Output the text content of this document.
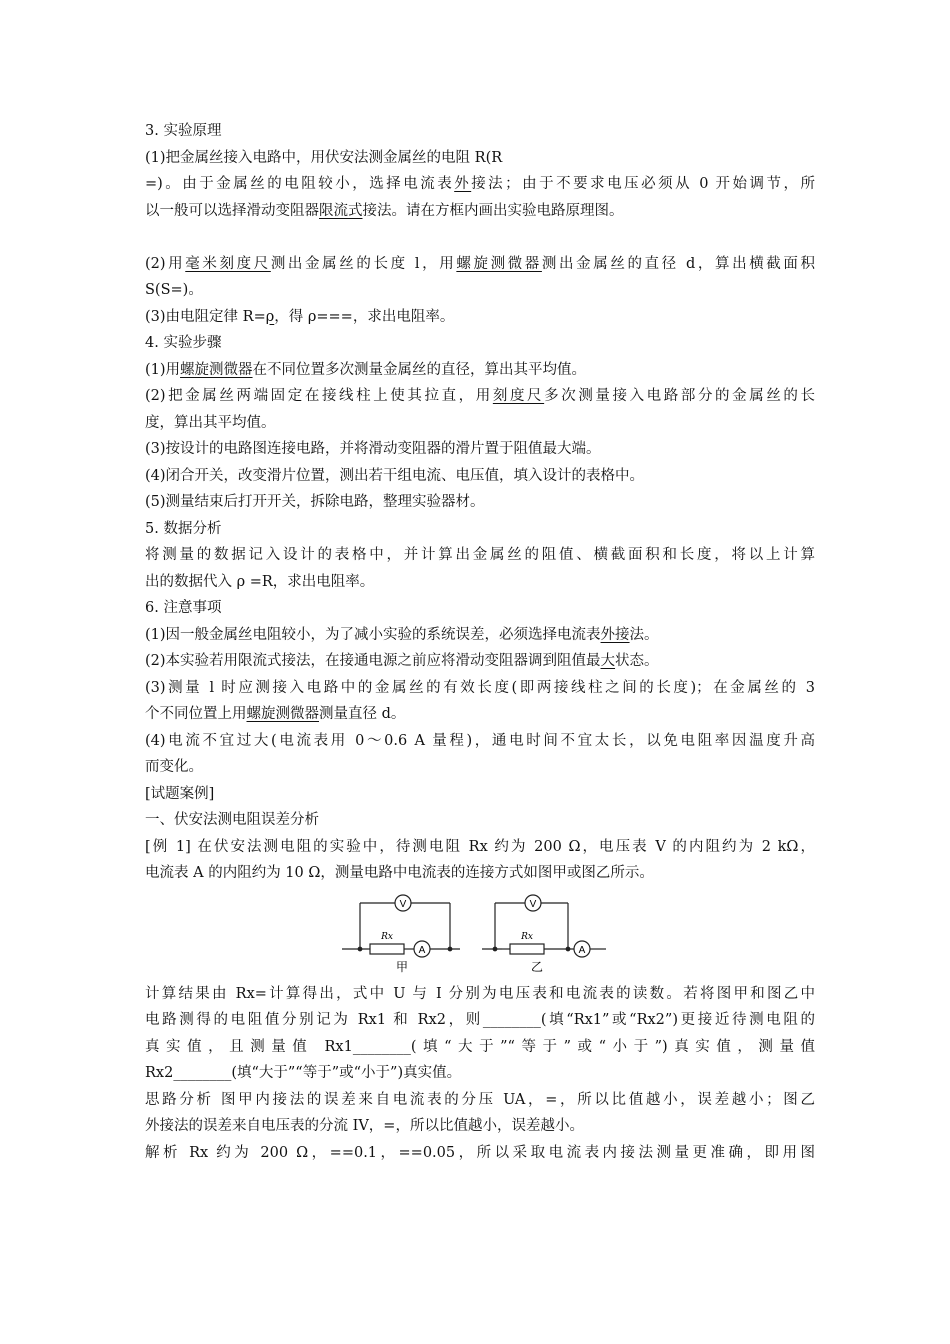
3. 实验原理
(1)把金属丝接入电路中，用伏安法测金属丝的电阻 R(R
=)。由于金属丝的电阻较小，选择电流表外接法；由于不要求电压必须从 0 开始调节，所
以一般可以选择滑动变阻器限流式接法。请在方框内画出实验电路原理图。
(2)用毫米刻度尺测出金属丝的长度 l，用螺旋测微器测出金属丝的直径 d，算出横截面积
S(S=)。
(3)由电阻定律 R=ρ，得 ρ===，求出电阻率。
4. 实验步骤
(1)用螺旋测微器在不同位置多次测量金属丝的直径，算出其平均值。
(2)把金属丝两端固定在接线柱上使其拉直，用刻度尺多次测量接入电路部分的金属丝的长
度，算出其平均值。
(3)按设计的电路图连接电路，并将滑动变阻器的滑片置于阻值最大端。
(4)闭合开关，改变滑片位置，测出若干组电流、电压值，填入设计的表格中。
(5)测量结束后打开开关，拆除电路，整理实验器材。
5. 数据分析
将测量的数据记入设计的表格中，并计算出金属丝的阻值、横截面积和长度，将以上计算
出的数据代入 ρ =R，求出电阻率。
6. 注意事项
(1)因一般金属丝电阻较小，为了减小实验的系统误差，必须选择电流表外接法。
(2)本实验若用限流式接法，在接通电源之前应将滑动变阻器调到阻值最大状态。
(3)测量 l 时应测接入电路中的金属丝的有效长度(即两接线柱之间的长度)；在金属丝的 3
个不同位置上用螺旋测微器测量直径 d。
(4)电流不宜过大(电流表用 0～0.6 A 量程)，通电时间不宜太长，以免电阻率因温度升高
而变化。
[试题案例]
一、伏安法测电阻误差分析
[例 1] 在伏安法测电阻的实验中，待测电阻 Rx 约为 200 Ω，电压表 V 的内阻约为 2 kΩ，
电流表 A 的内阻约为 10 Ω，测量电路中电流表的连接方式如图甲或图乙所示。
V
A
Rx
甲
V
A
Rx
乙
计算结果由 Rx=计算得出，式中 U 与 I 分别为电压表和电流表的读数。若将图甲和图乙中
电路测得的电阻值分别记为 Rx1 和 Rx2，则________(填“Rx1”或“Rx2”)更接近待测电阻的
真实值，且测量值 Rx1________(填“大于”“等于”或“小于”)真实值，测量值
Rx2________(填“大于”“等于”或“小于”)真实值。
思路分析 图甲内接法的误差来自电流表的分压 UA，=，所以比值越小，误差越小；图乙
外接法的误差来自电压表的分流 IV，=，所以比值越小，误差越小。
解析 Rx 约为 200 Ω，==0.1，==0.05，所以采取电流表内接法测量更准确，即用图
